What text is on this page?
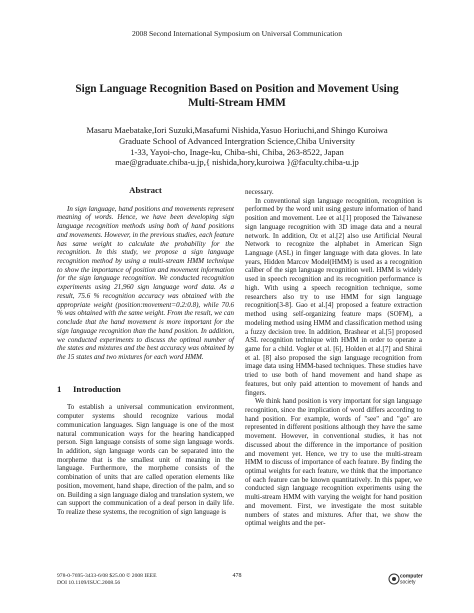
2008 Second International Symposium on Universal Communication
Sign Language Recognition Based on Position and Movement Using
Multi-Stream HMM
Masaru Maebatake,Iori Suzuki,Masafumi Nishida,Yasuo Horiuchi,and Shingo Kuroiwa
Graduate School of Advanced Intergration Science,Chiba University
1-33, Yayoi-cho, Inage-ku, Chiba-shi, Chiba, 263-8522, Japan
mae@graduate.chiba-u.jp,{ nishida,hory,kuroiwa }@faculty.chiba-u.jp
Abstract

In sign language, hand positions and movements represent meaning of words. Hence, we have been developing sign language recognition methods using both of hand positions and movements. However, in the previous studies, each feature has same weight to calculate the probability for the recognition. In this study, we propose a sign language recognition method by using a multi-stream HMM technique to show the importance of position and movement information for the sign language recognition. We conducted recognition experiments using 21,960 sign language word data. As a result, 75.6 % recognition accuracy was obtained with the appropriate weight (position:movement=0.2:0.8), while 70.6 % was obtained with the same weight. From the result, we can conclude that the hand movement is more important for the sign language recognition than the hand position. In addition, we conducted experiments to discuss the optimal number of the states and mixtures and the best accuracy was obtained by the 15 states and two mixtures for each word HMM.

1 Introduction

To establish a universal communication environment, computer systems should recognize various modal communication languages. Sign language is one of the most natural communication ways for the hearing handicapped person. Sign language consists of some sign language words. In addition, sign language words can be separated into the morpheme that is the smallest unit of meaning in the language. Furthermore, the morpheme consists of the combination of units that are called operation elements like position, movement, hand shape, direction of the palm, and so on. Building a sign language dialog and translation system, we can support the communication of a deaf person in daily life. To realize these systems, the recognition of sign language is

necessary.

In conventional sign language recognition, recognition is performed by the word unit using gesture information of hand position and movement. Lee et al.[1] proposed the Taiwanese sign language recognition with 3D image data and a neural network. In addition, Oz et al.[2] also use Artificial Neural Network to recognize the alphabet in American Sign Language (ASL) in finger language with data gloves. In late years, Hidden Marcov Model(HMM) is used as a recognition caliber of the sign language recognition well. HMM is widely used in speech recognition and its recognition performance is high. With using a speech recognition technique, some researchers also try to use HMM for sign language recognition[3-8]. Gao et al.[4] proposed a feature extraction method using self-organizing feature maps (SOFM), a modeling method using HMM and classification method using a fuzzy decision tree. In addition, Brashear et al.[5] proposed ASL recognition technique with HMM in order to operate a game for a child. Vogler et al. [6], Holden et al.[7] and Shirai et al. [8] also proposed the sign language recognition from image data using HMM-based techniques. These studies have tried to use both of hand movement and hand shape as features, but only paid attention to movement of hands and fingers.

We think hand position is very important for sign language recognition, since the implication of word differs according to hand position. For example, words of "see" and "go" are represented in different positions although they have the same movement. However, in conventional studies, it has not discussed about the difference in the importance of position and movement yet. Hence, we try to use the multi-stream HMM to discuss of importance of each feature. By finding the optimal weights for each feature, we think that the importance of each feature can be known quantitatively. In this paper, we conducted sign language recognition experiments using the multi-stream HMM with varying the weight for hand position and movement. First, we investigate the most suitable numbers of states and mixtures. After that, we show the optimal weights and the per-

978-0-7695-3433-6/08 $25.00 © 2008 IEEE
DOI 10.1109/ISUC.2008.56
478	computer
society
